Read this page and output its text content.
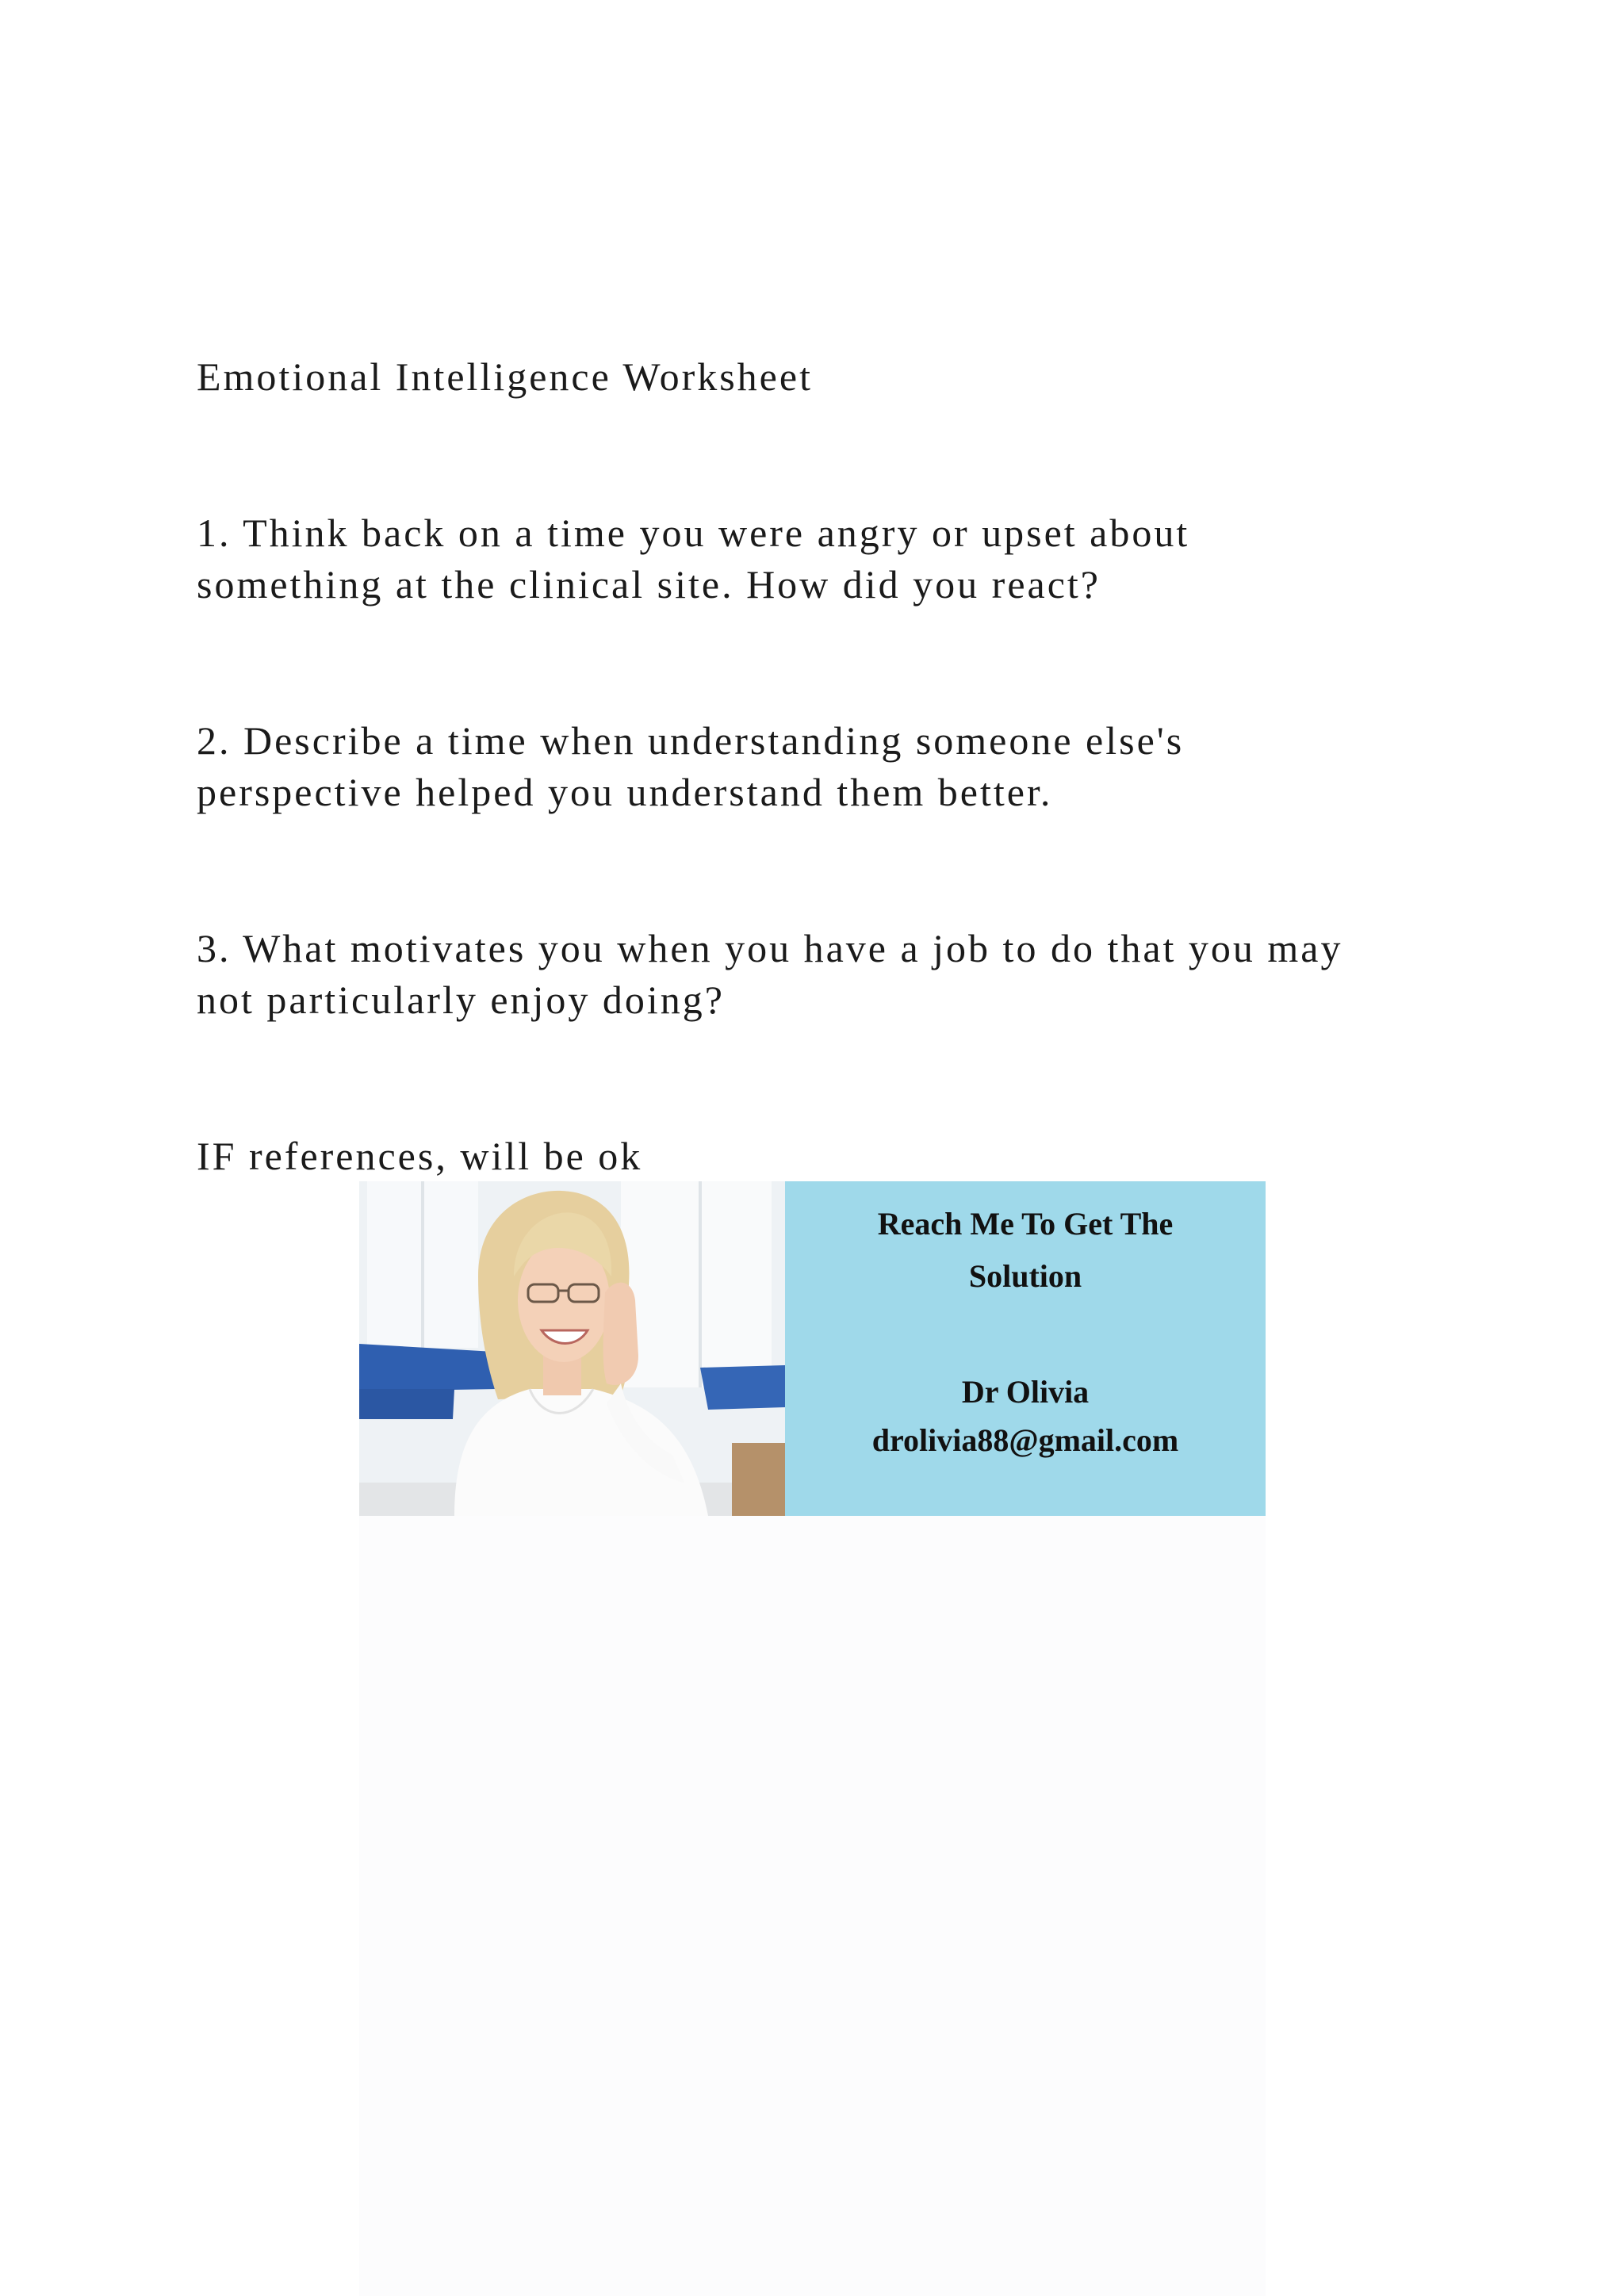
Emotional Intelligence Worksheet

1. Think back on a time you were angry or upset about

something at the clinical site. How did you react?

2. Describe a time when understanding someone else's

perspective helped you understand them better.

3. What motivates you when you have a job to do that you may

not particularly enjoy doing?

IF references, will be ok

Reach Me To Get The
Solution
Dr Olivia
drolivia88@gmail.com
